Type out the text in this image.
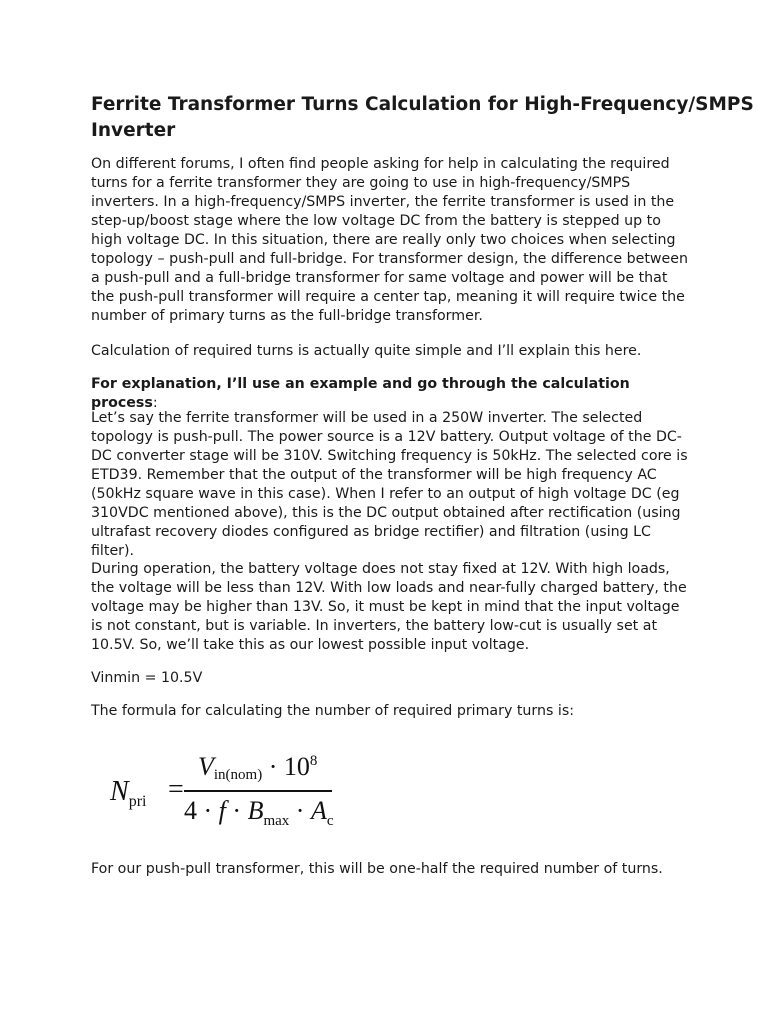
Ferrite Transformer Turns Calculation for High-Frequency/SMPS
Inverter

On different forums, I often find people asking for help in calculating the required
turns for a ferrite transformer they are going to use in high-frequency/SMPS
inverters. In a high-frequency/SMPS inverter, the ferrite transformer is used in the
step-up/boost stage where the low voltage DC from the battery is stepped up to
high voltage DC. In this situation, there are really only two choices when selecting
topology – push-pull and full-bridge. For transformer design, the difference between
a push-pull and a full-bridge transformer for same voltage and power will be that
the push-pull transformer will require a center tap, meaning it will require twice the
number of primary turns as the full-bridge transformer.

Calculation of required turns is actually quite simple and I’ll explain this here.

For explanation, I’ll use an example and go through the calculation
process:

Let’s say the ferrite transformer will be used in a 250W inverter. The selected
topology is push-pull. The power source is a 12V battery. Output voltage of the DC-
DC converter stage will be 310V. Switching frequency is 50kHz. The selected core is
ETD39. Remember that the output of the transformer will be high frequency AC
(50kHz square wave in this case). When I refer to an output of high voltage DC (eg
310VDC mentioned above), this is the DC output obtained after rectification (using
ultrafast recovery diodes configured as bridge rectifier) and filtration (using LC
filter).

During operation, the battery voltage does not stay fixed at 12V. With high loads,
the voltage will be less than 12V. With low loads and near-fully charged battery, the
voltage may be higher than 13V. So, it must be kept in mind that the input voltage
is not constant, but is variable. In inverters, the battery low-cut is usually set at
10.5V. So, we’ll take this as our lowest possible input voltage.

Vinmin = 10.5V

The formula for calculating the number of required primary turns is:

$N_{pri}$ =
$V_{in(nom)} \cdot 10^8$
$4 \cdot f \cdot B_{max} \cdot A_c$

For our push-pull transformer, this will be one-half the required number of turns.
